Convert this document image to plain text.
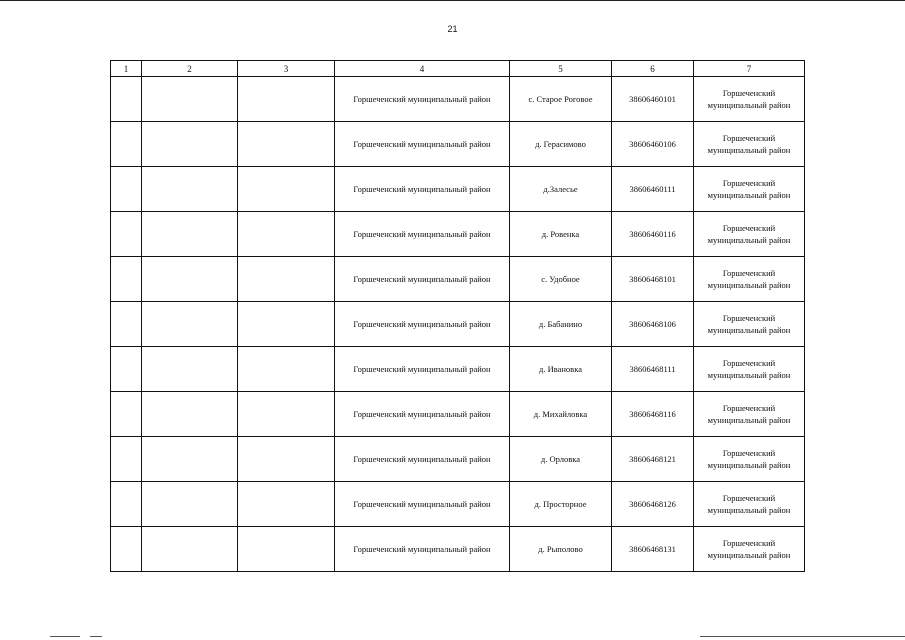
21
1	2	3	4	5	6	7
			Горшеченский муниципальный район	с. Старое Роговое	38606460101	Горшеченский муниципальный район
			Горшеченский муниципальный район	д. Герасимово	38606460106	Горшеченский муниципальный район
			Горшеченский муниципальный район	д.Залесье	38606460111	Горшеченский муниципальный район
			Горшеченский муниципальный район	д. Ровенка	38606460116	Горшеченский муниципальный район
			Горшеченский муниципальный район	с. Удобное	38606468101	Горшеченский муниципальный район
			Горшеченский муниципальный район	д. Бабанино	38606468106	Горшеченский муниципальный район
			Горшеченский муниципальный район	д. Ивановка	38606468111	Горшеченский муниципальный район
			Горшеченский муниципальный район	д. Михайловка	38606468116	Горшеченский муниципальный район
			Горшеченский муниципальный район	д. Орловка	38606468121	Горшеченский муниципальный район
			Горшеченский муниципальный район	д. Просторное	38606468126	Горшеченский муниципальный район
			Горшеченский муниципальный район	д. Рыполово	38606468131	Горшеченский муниципальный район
